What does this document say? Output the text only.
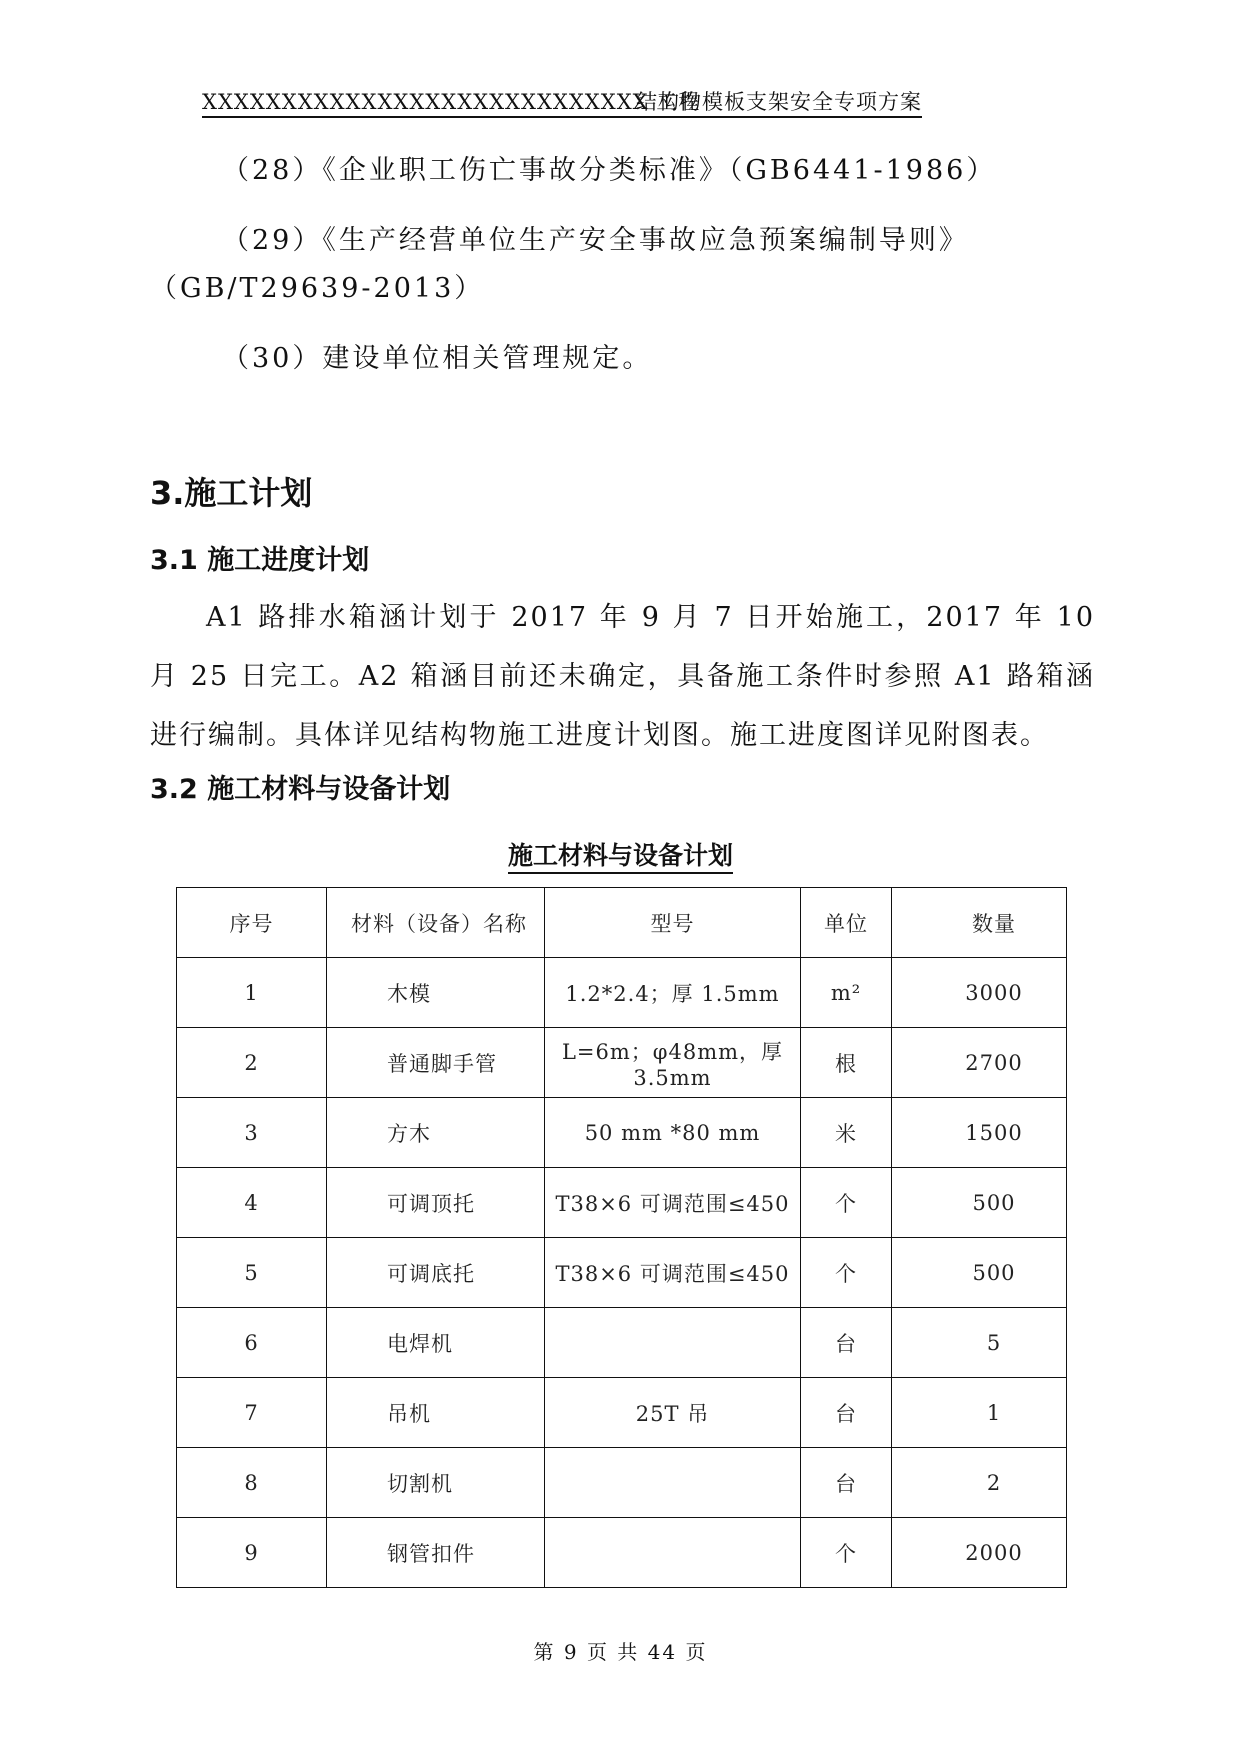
XXXXXXXXXXXXXXXXXXXXXXXXXXXX 工程
结构物模板支架安全专项方案
（28）《企业职工伤亡事故分类标准》（GB6441-1986）
（29）《生产经营单位生产安全事故应急预案编制导则》
（GB/T29639-2013）
（30）建设单位相关管理规定。
3.施工计划
3.1 施工进度计划
A1 路排水箱涵计划于 2017 年 9 月 7 日开始施工，2017 年 10 月 25 日完工。A2 箱涵目前还未确定，具备施工条件时参照 A1 路箱涵进行编制。具体详见结构物施工进度计划图。施工进度图详见附图表。
3.2 施工材料与设备计划
施工材料与设备计划
序号	材料（设备）名称	型号	单位	数量
1	木模	1.2*2.4；厚 1.5mm	m²	3000
2	普通脚手管	L=6m；φ48mm，厚 3.5mm	根	2700
3	方木	50 mm *80 mm	米	1500
4	可调顶托	T38×6 可调范围≤450	个	500
5	可调底托	T38×6 可调范围≤450	个	500
6	电焊机		台	5
7	吊机	25T 吊	台	1
8	切割机		台	2
9	钢管扣件		个	2000
第 9 页 共 44 页
